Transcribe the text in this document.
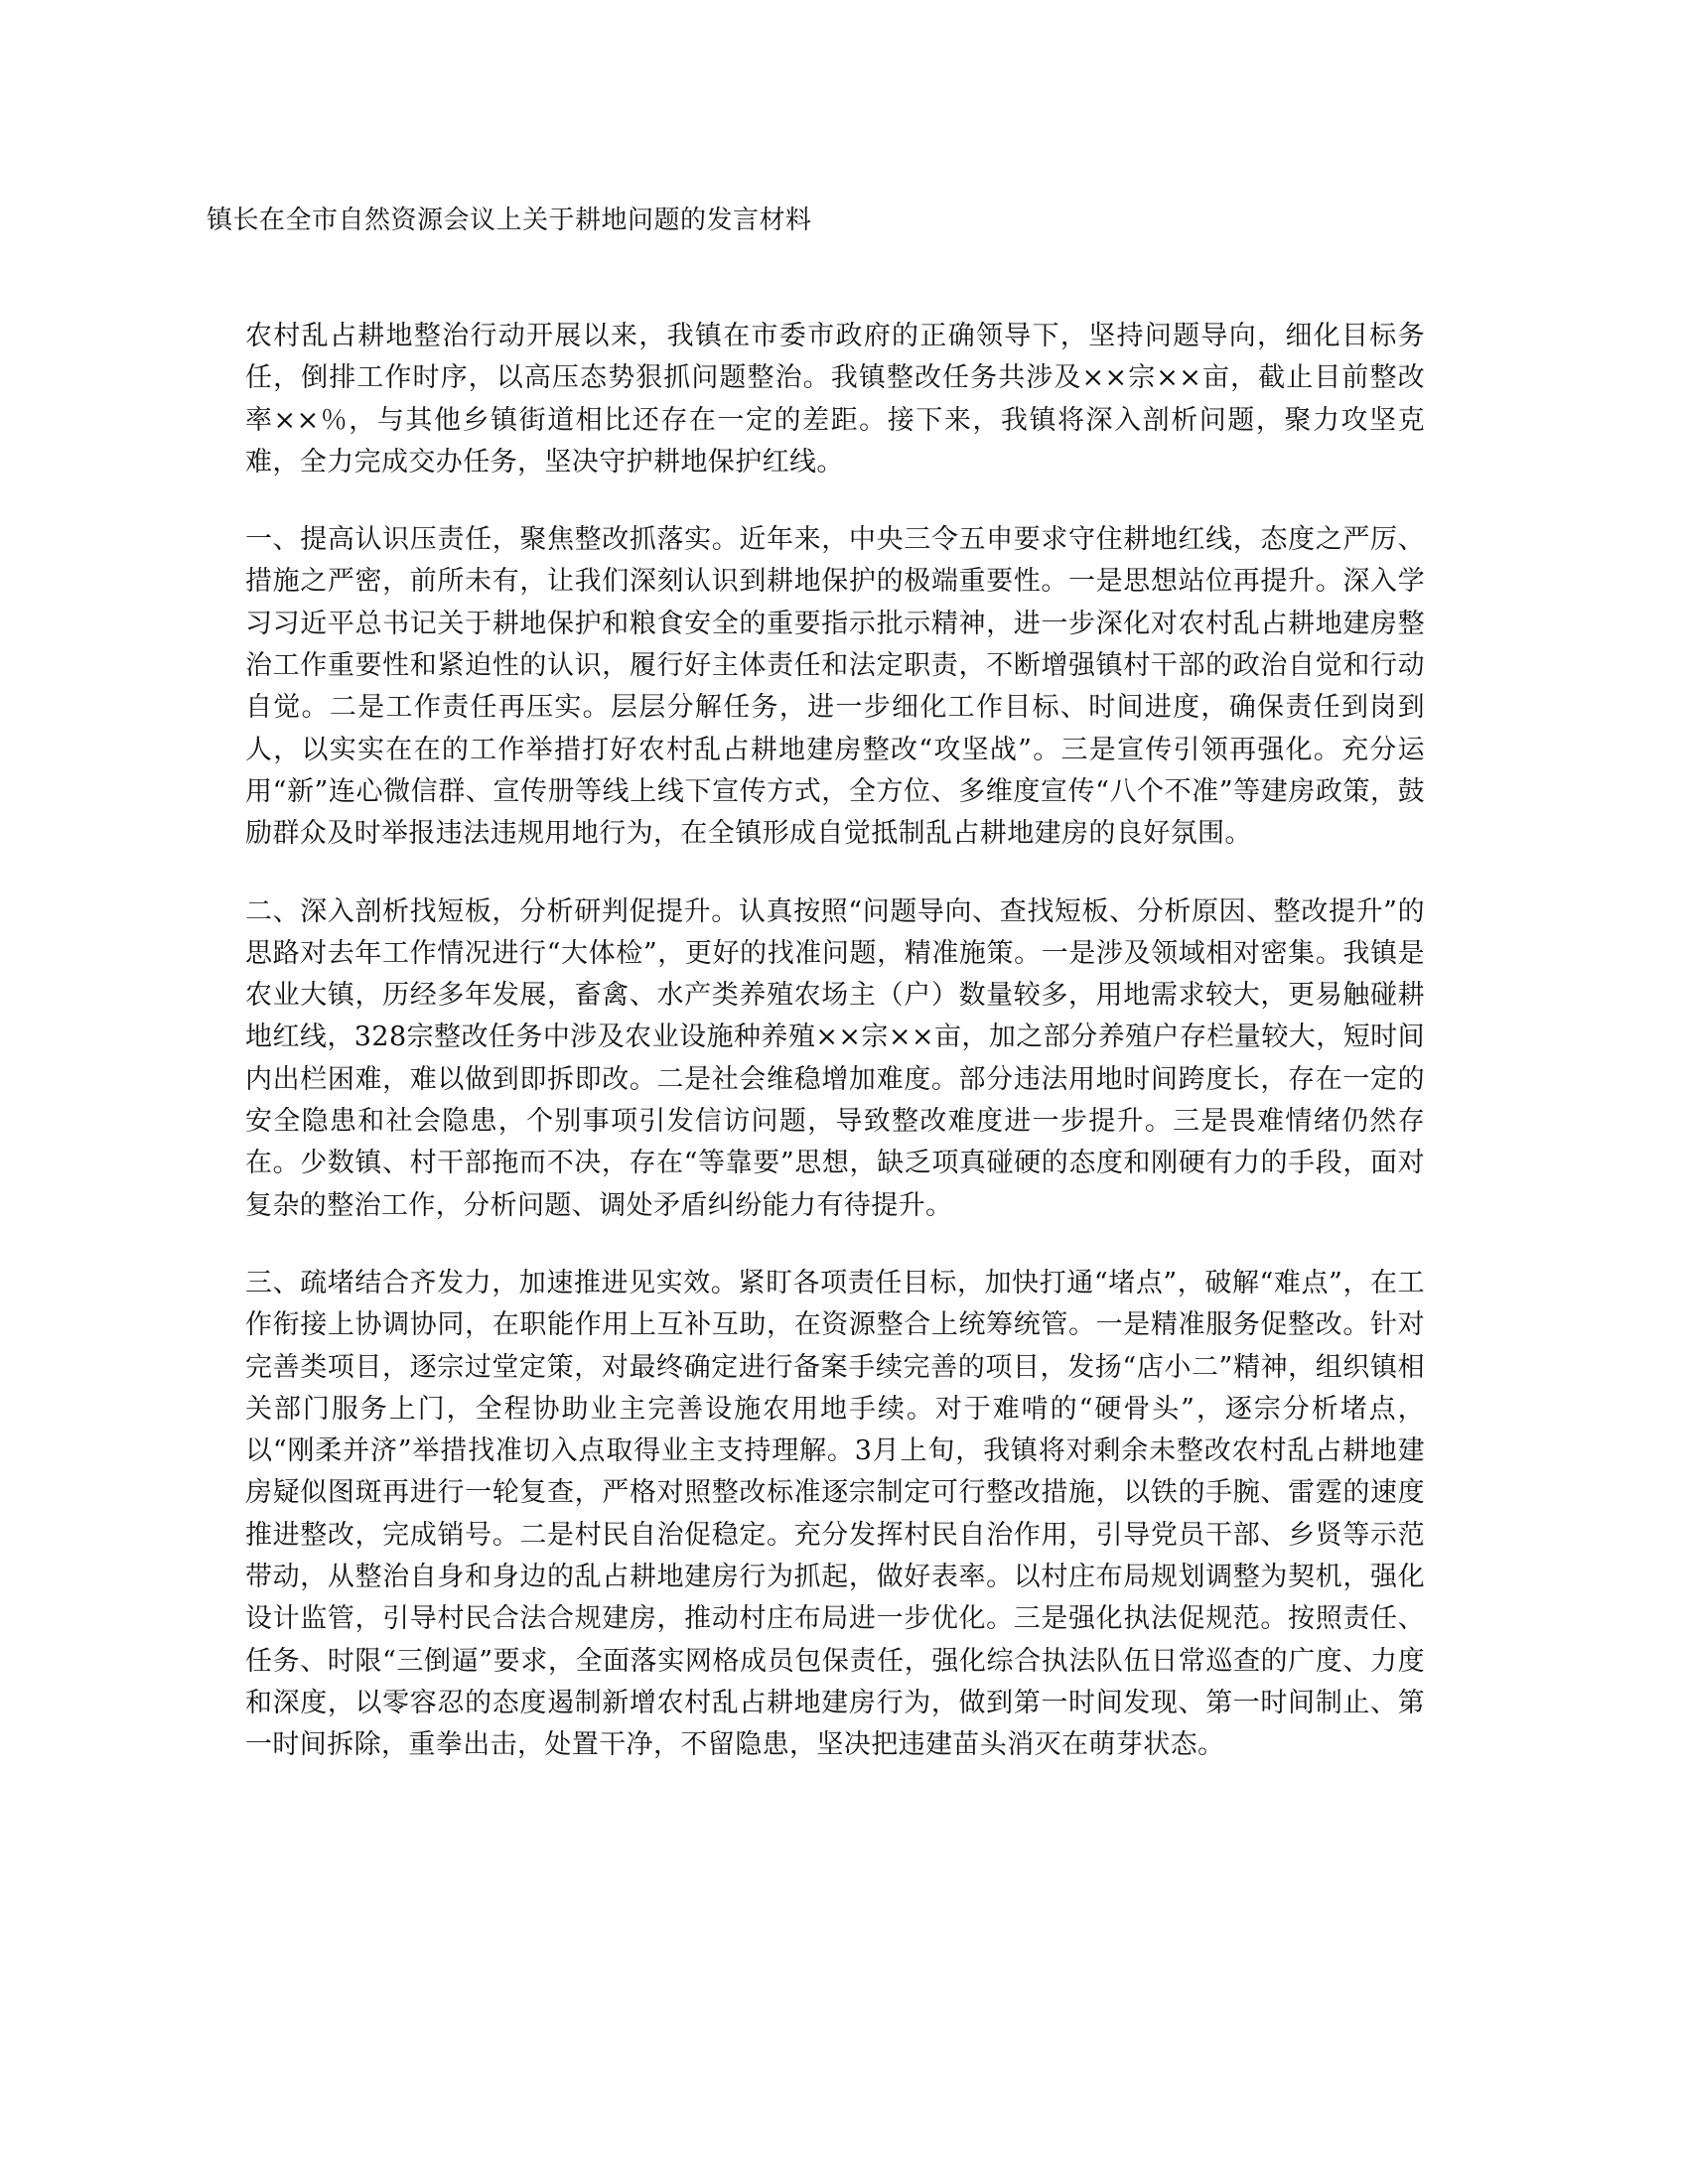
镇长在全市自然资源会议上关于耕地问题的发言材料

农村乱占耕地整治行动开展以来，我镇在市委市政府的正确领导下，坚持问题导向，细化目标务任，倒排工作时序，以高压态势狠抓问题整治。我镇整改任务共涉及××宗××亩，截止目前整改率××％，与其他乡镇街道相比还存在一定的差距。接下来，我镇将深入剖析问题，聚力攻坚克难，全力完成交办任务，坚决守护耕地保护红线。

一、提高认识压责任，聚焦整改抓落实。近年来，中央三令五申要求守住耕地红线，态度之严厉、措施之严密，前所未有，让我们深刻认识到耕地保护的极端重要性。一是思想站位再提升。深入学习习近平总书记关于耕地保护和粮食安全的重要指示批示精神，进一步深化对农村乱占耕地建房整治工作重要性和紧迫性的认识，履行好主体责任和法定职责，不断增强镇村干部的政治自觉和行动自觉。二是工作责任再压实。层层分解任务，进一步细化工作目标、时间进度，确保责任到岗到人，以实实在在的工作举措打好农村乱占耕地建房整改“攻坚战”。三是宣传引领再强化。充分运用“新”连心微信群、宣传册等线上线下宣传方式，全方位、多维度宣传“八个不准”等建房政策，鼓励群众及时举报违法违规用地行为，在全镇形成自觉抵制乱占耕地建房的良好氛围。

二、深入剖析找短板，分析研判促提升。认真按照“问题导向、查找短板、分析原因、整改提升”的思路对去年工作情况进行“大体检”，更好的找准问题，精准施策。一是涉及领域相对密集。我镇是农业大镇，历经多年发展，畜禽、水产类养殖农场主（户）数量较多，用地需求较大，更易触碰耕地红线，328宗整改任务中涉及农业设施种养殖××宗××亩，加之部分养殖户存栏量较大，短时间内出栏困难，难以做到即拆即改。二是社会维稳增加难度。部分违法用地时间跨度长，存在一定的安全隐患和社会隐患，个别事项引发信访问题，导致整改难度进一步提升。三是畏难情绪仍然存在。少数镇、村干部拖而不决，存在“等靠要”思想，缺乏项真碰硬的态度和刚硬有力的手段，面对复杂的整治工作，分析问题、调处矛盾纠纷能力有待提升。

三、疏堵结合齐发力，加速推进见实效。紧盯各项责任目标，加快打通“堵点”，破解“难点”，在工作衔接上协调协同，在职能作用上互补互助，在资源整合上统筹统管。一是精准服务促整改。针对完善类项目，逐宗过堂定策，对最终确定进行备案手续完善的项目，发扬“店小二”精神，组织镇相关部门服务上门，全程协助业主完善设施农用地手续。对于难啃的“硬骨头”，逐宗分析堵点，以“刚柔并济”举措找准切入点取得业主支持理解。3月上旬，我镇将对剩余未整改农村乱占耕地建房疑似图斑再进行一轮复查，严格对照整改标准逐宗制定可行整改措施，以铁的手腕、雷霆的速度推进整改，完成销号。二是村民自治促稳定。充分发挥村民自治作用，引导党员干部、乡贤等示范带动，从整治自身和身边的乱占耕地建房行为抓起，做好表率。以村庄布局规划调整为契机，强化设计监管，引导村民合法合规建房，推动村庄布局进一步优化。三是强化执法促规范。按照责任、任务、时限“三倒逼”要求，全面落实网格成员包保责任，强化综合执法队伍日常巡查的广度、力度和深度，以零容忍的态度遏制新增农村乱占耕地建房行为，做到第一时间发现、第一时间制止、第一时间拆除，重拳出击，处置干净，不留隐患，坚决把违建苗头消灭在萌芽状态。
